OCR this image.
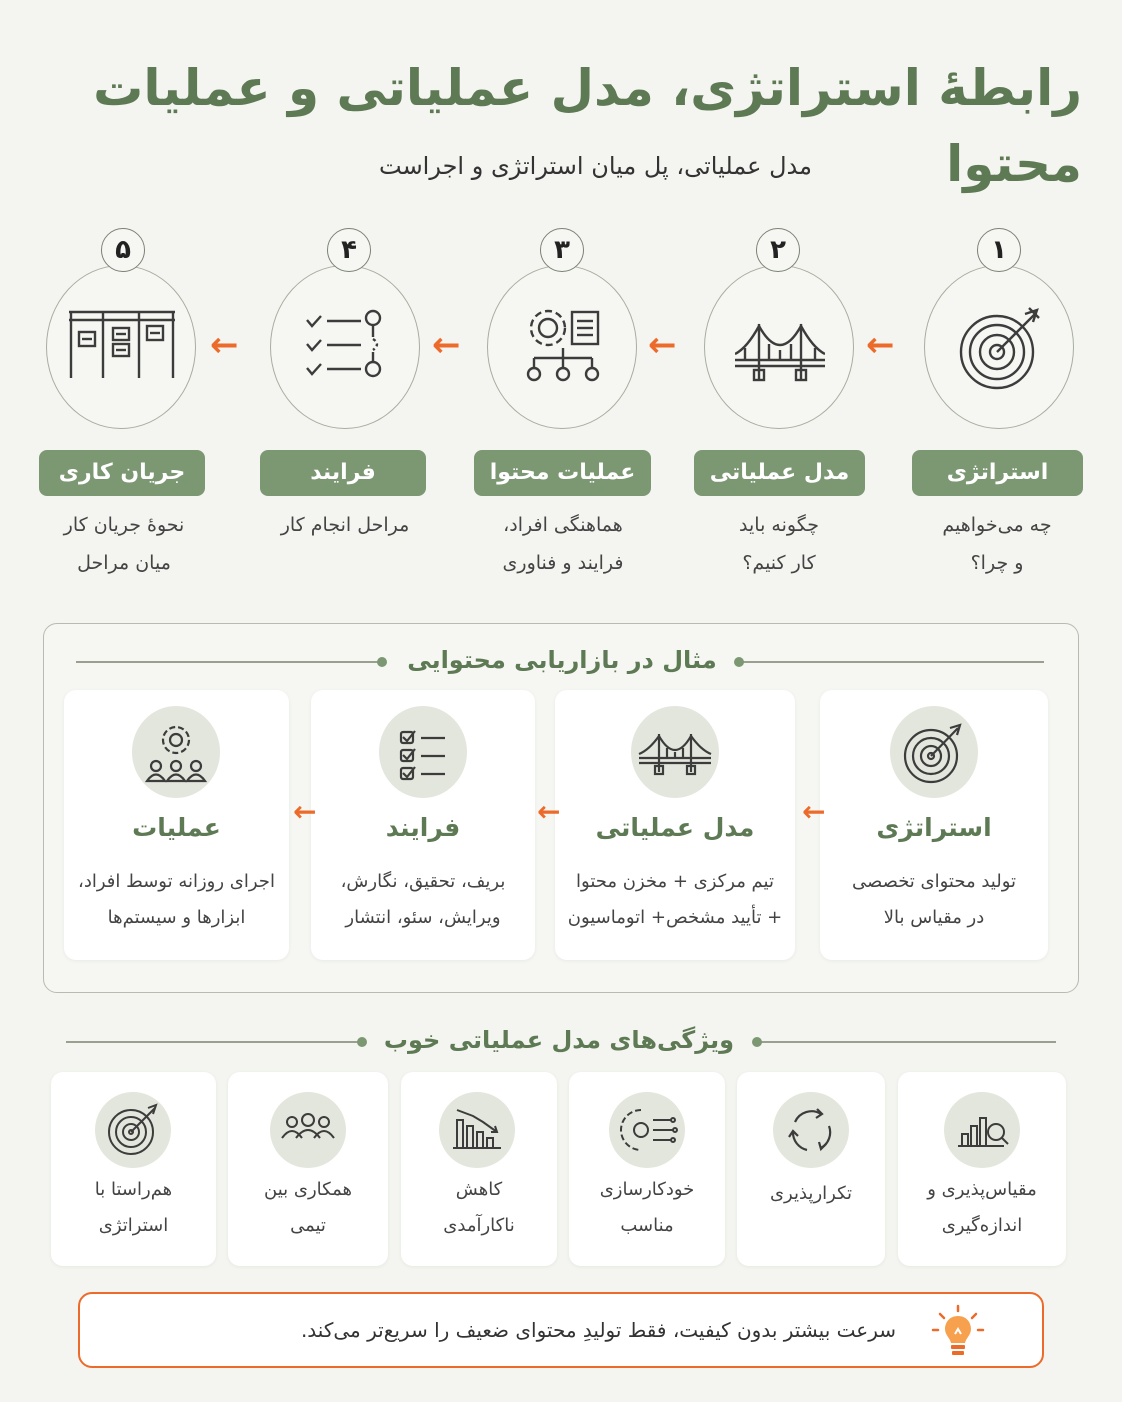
رابطهٔ استراتژی، مدل عملیاتی و عملیات محتوا
مدل عملیاتی، پل میان استراتژی و اجراست
۱
استراتژی
چه می‌خواهیم
و چرا؟
←
۲
مدل عملیاتی
چگونه باید
کار کنیم؟
←
۳
عملیات محتوا
هماهنگی افراد،
فرایند و فناوری
←
۴
فرایند
مراحل انجام کار
←
۵
جریان کاری
نحوهٔ جریان کار
میان مراحل
مثال در بازاریابی محتوایی
استراتژی
تولید محتوای تخصصی
در مقیاس بالا
←
مدل عملیاتی
تیم مرکزی + مخزن محتوا
+ تأیید مشخص+ اتوماسیون
←
فرایند
بریف، تحقیق، نگارش،
ویرایش، سئو، انتشار
←
عملیات
اجرای روزانه توسط افراد،
ابزارها و سیستم‌ها
ویژگی‌های مدل عملیاتی خوب
مقیاس‌پذیری و
اندازه‌گیری
تکرارپذیری
خودکارسازی
مناسب
کاهش
ناکارآمدی
همکاری بین
تیمی
هم‌راستا با
استراتژی
سرعت بیشتر بدون کیفیت، فقط تولیدِ محتوای ضعیف را سریع‌تر می‌کند.
